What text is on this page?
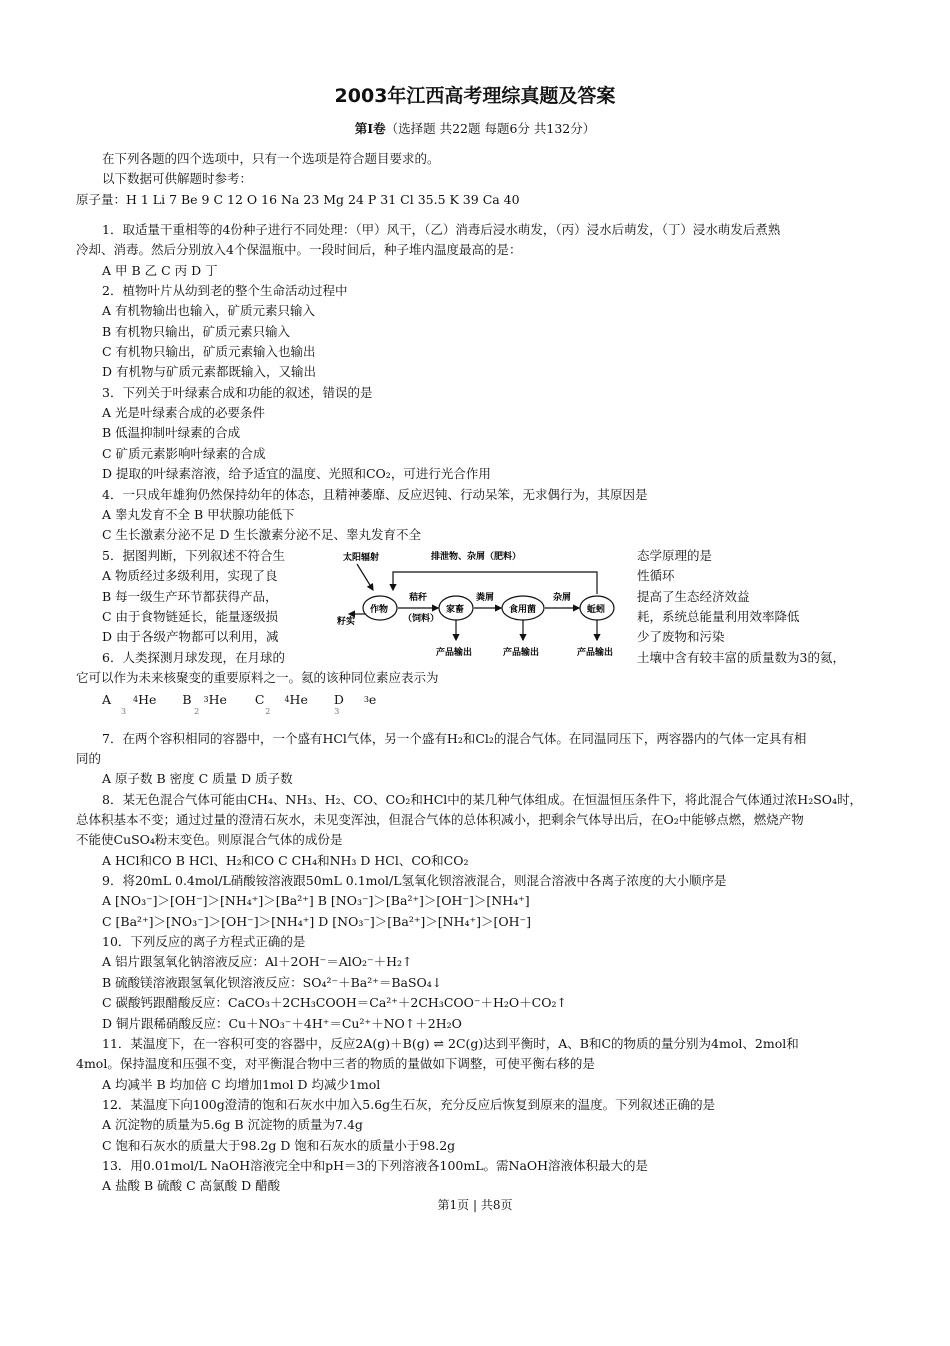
2003年江西高考理综真题及答案
第Ⅰ卷（选择题 共22题 每题6分 共132分）
在下列各题的四个选项中，只有一个选项是符合题目要求的。
以下数据可供解题时参考：
原子量：H 1 Li 7 Be 9 C 12 O 16 Na 23 Mg 24 P 31 Cl 35.5 K 39 Ca 40
1．取适量干重相等的4份种子进行不同处理：（甲）风干，（乙）消毒后浸水萌发，（丙）浸水后萌发，（丁）浸水萌发后煮熟
冷却、消毒。然后分别放入4个保温瓶中。一段时间后，种子堆内温度最高的是：
A 甲 B 乙 C 丙 D 丁
2．植物叶片从幼到老的整个生命活动过程中
A 有机物输出也输入，矿质元素只输入
B 有机物只输出，矿质元素只输入
C 有机物只输出，矿质元素输入也输出
D 有机物与矿质元素都既输入，又输出
3．下列关于叶绿素合成和功能的叙述，错误的是
A 光是叶绿素合成的必要条件
B 低温抑制叶绿素的合成
C 矿质元素影响叶绿素的合成
D 提取的叶绿素溶液，给予适宜的温度、光照和CO₂，可进行光合作用
4．一只成年雄狗仍然保持幼年的体态，且精神萎靡、反应迟钝、行动呆笨，无求偶行为，其原因是
A 睾丸发育不全 B 甲状腺功能低下
C 生长激素分泌不足 D 生长激素分泌不足、睾丸发育不全
5．据图判断，下列叙述不符合生
A 物质经过多级利用，实现了良
B 每一级生产环节都获得产品，
C 由于食物链延长，能量逐级损
D 由于各级产物都可以利用，减
态学原理的是
性循环
提高了生态经济效益
耗，系统总能量利用效率降低
少了废物和污染
太阳辐射	排泄物、杂屑（肥料）
作物
秸秆
（饲料）
家畜
粪屑
食用菌
杂屑
蚯蚓
籽实
产品输出	产品输出	产品输出
6．人类探测月球发现，在月球的	土壤中含有较丰富的质量数为3的氦，
它可以作为未来核聚变的重要原料之一。氦的该种同位素应表示为
A	$^4$He B $^3$He C $^4$He D $^3$e
3	2	2	3
7．在两个容积相同的容器中，一个盛有HCl气体，另一个盛有H₂和Cl₂的混合气体。在同温同压下，两容器内的气体一定具有相
同的
A 原子数 B 密度 C 质量 D 质子数
8．某无色混合气体可能由CH₄、NH₃、H₂、CO、CO₂和HCl中的某几种气体组成。在恒温恒压条件下，将此混合气体通过浓H₂SO₄时，
总体积基本不变；通过过量的澄清石灰水，未见变浑浊，但混合气体的总体积减小，把剩余气体导出后，在O₂中能够点燃，燃烧产物
不能使CuSO₄粉末变色。则原混合气体的成份是
A HCl和CO B HCl、H₂和CO C CH₄和NH₃ D HCl、CO和CO₂
9．将20mL 0.4mol/L硝酸铵溶液跟50mL 0.1mol/L氢氧化钡溶液混合，则混合溶液中各离子浓度的大小顺序是
A [NO₃⁻]＞[OH⁻]＞[NH₄⁺]＞[Ba²⁺] B [NO₃⁻]＞[Ba²⁺]＞[OH⁻]＞[NH₄⁺]
C [Ba²⁺]＞[NO₃⁻]＞[OH⁻]＞[NH₄⁺] D [NO₃⁻]＞[Ba²⁺]＞[NH₄⁺]＞[OH⁻]
10．下列反应的离子方程式正确的是
A 铝片跟氢氧化钠溶液反应：Al＋2OH⁻＝AlO₂⁻＋H₂↑
B 硫酸镁溶液跟氢氧化钡溶液反应：SO₄²⁻＋Ba²⁺＝BaSO₄↓
C 碳酸钙跟醋酸反应：CaCO₃＋2CH₃COOH＝Ca²⁺＋2CH₃COO⁻＋H₂O＋CO₂↑
D 铜片跟稀硝酸反应：Cu＋NO₃⁻＋4H⁺＝Cu²⁺＋NO↑＋2H₂O
11．某温度下，在一容积可变的容器中，反应2A(g)＋B(g) ⇌ 2C(g)达到平衡时，A、B和C的物质的量分别为4mol、2mol和
4mol。保持温度和压强不变，对平衡混合物中三者的物质的量做如下调整，可使平衡右移的是
A 均减半 B 均加倍 C 均增加1mol D 均减少1mol
12．某温度下向100g澄清的饱和石灰水中加入5.6g生石灰，充分反应后恢复到原来的温度。下列叙述正确的是
A 沉淀物的质量为5.6g B 沉淀物的质量为7.4g
C 饱和石灰水的质量大于98.2g D 饱和石灰水的质量小于98.2g
13．用0.01mol/L NaOH溶液完全中和pH＝3的下列溶液各100mL。需NaOH溶液体积最大的是
A 盐酸 B 硫酸 C 高氯酸 D 醋酸
第1页 | 共8页
